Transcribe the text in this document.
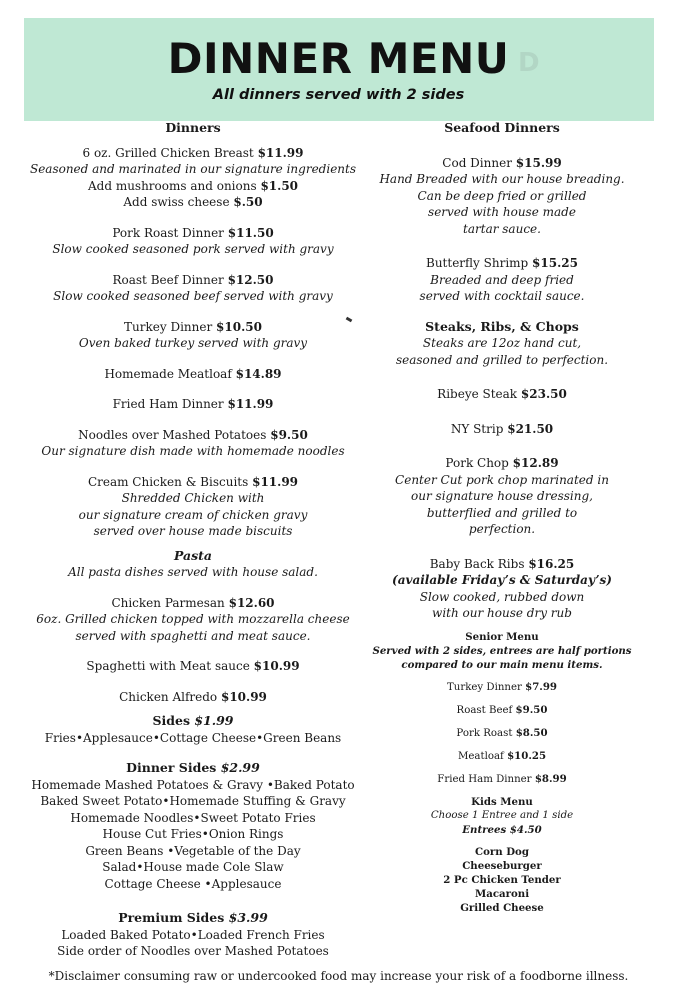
D
DINNER MENU
All dinners served with 2 sides
Dinners
6 oz. Grilled Chicken Breast $11.99
Seasoned and marinated in our signature ingredients
Add mushrooms and onions $1.50
Add swiss cheese $.50
Pork Roast Dinner $11.50
Slow cooked seasoned pork served with gravy
Roast Beef Dinner $12.50
Slow cooked seasoned beef served with gravy
Turkey Dinner $10.50
Oven baked turkey served with gravy
Homemade Meatloaf $14.89
Fried Ham Dinner $11.99
Noodles over Mashed Potatoes $9.50
Our signature dish made with homemade noodles
Cream Chicken & Biscuits $11.99
Shredded Chicken with
our signature cream of chicken gravy
served over house made biscuits
Pasta
All pasta dishes served with house salad.
Chicken Parmesan $12.60
6oz. Grilled chicken topped with mozzarella cheese
served with spaghetti and meat sauce.
Spaghetti with Meat sauce $10.99
Chicken Alfredo $10.99
Sides $1.99
Fries•Applesauce•Cottage Cheese•Green Beans
Dinner Sides $2.99
Homemade Mashed Potatoes & Gravy •Baked Potato
Baked Sweet Potato•Homemade Stuffing & Gravy
Homemade Noodles•Sweet Potato Fries
House Cut Fries•Onion Rings
Green Beans •Vegetable of the Day
Salad•House made Cole Slaw
Cottage Cheese •Applesauce
Premium Sides $3.99
Loaded Baked Potato•Loaded French Fries
Side order of Noodles over Mashed Potatoes
Seafood Dinners
Cod Dinner $15.99
Hand Breaded with our house breading.
Can be deep fried or grilled
served with house made
tartar sauce.
Butterfly Shrimp $15.25
Breaded and deep fried
served with cocktail sauce.
Steaks, Ribs, & Chops
Steaks are 12oz hand cut,
seasoned and grilled to perfection.
Ribeye Steak $23.50
NY Strip $21.50
Pork Chop $12.89
Center Cut pork chop marinated in
our signature house dressing,
butterflied and grilled to
perfection.
Baby Back Ribs $16.25
(available Friday’s & Saturday’s)
Slow cooked, rubbed down
with our house dry rub
Senior Menu
Served with 2 sides, entrees are half portions
compared to our main menu items.
Turkey Dinner $7.99
Roast Beef $9.50
Pork Roast $8.50
Meatloaf $10.25
Fried Ham Dinner $8.99
Kids Menu
Choose 1 Entree and 1 side
Entrees $4.50
Corn Dog
Cheeseburger
2 Pc Chicken Tender
Macaroni
Grilled Cheese
*Disclaimer consuming raw or undercooked food may increase your risk of a foodborne illness.
